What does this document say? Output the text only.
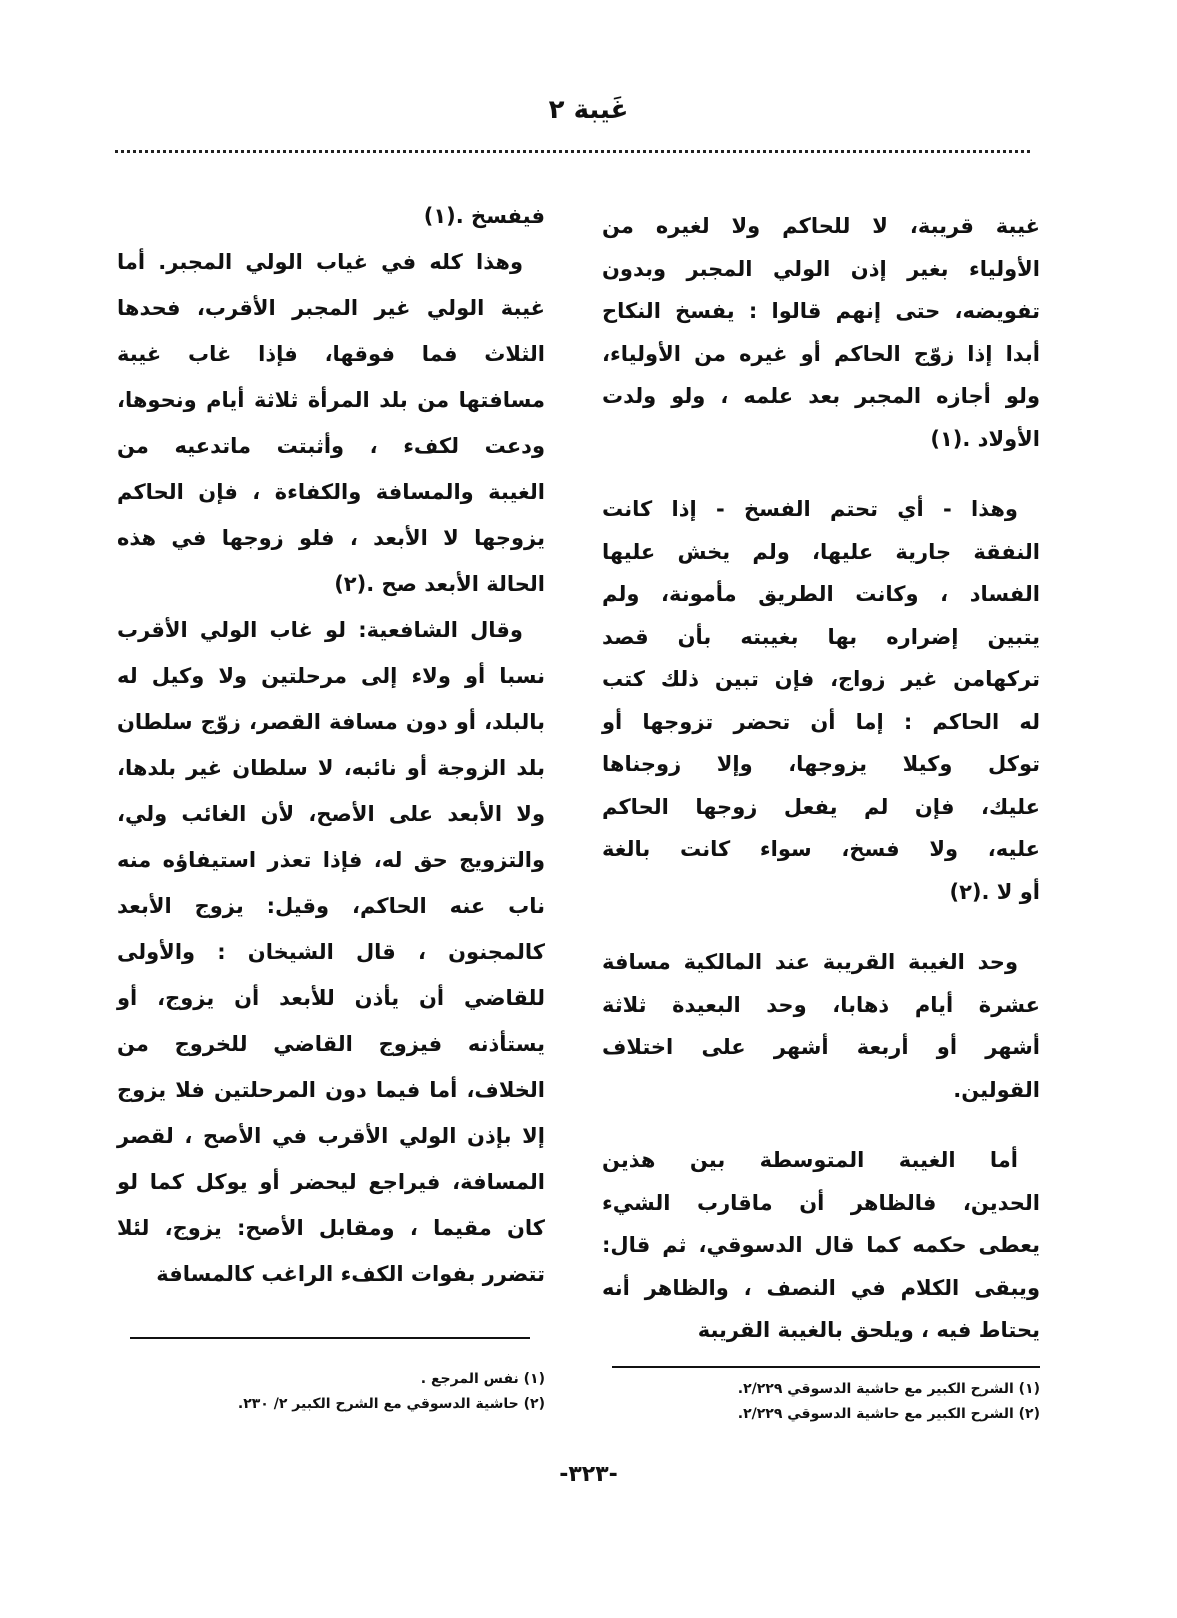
غَيبة ٢
غيبة قريبة، لا للحاكم ولا لغيره من
الأولياء بغير إذن الولي المجبر وبدون
تفويضه، حتى إنهم قالوا : يفسخ النكاح
أبدا إذا زوّج الحاكم أو غيره من الأولياء،
ولو أجازه المجبر بعد علمه ، ولو ولدت
الأولاد .(١)
وهذا - أي تحتم الفسخ - إذا كانت
النفقة جارية عليها، ولم يخش عليها
الفساد ، وكانت الطريق مأمونة، ولم
يتبين إضراره بها بغيبته بأن قصد
تركهامن غير زواج، فإن تبين ذلك كتب
له الحاكم : إما أن تحضر تزوجها أو
توكل وكيلا يزوجها، وإلا زوجناها
عليك، فإن لم يفعل زوجها الحاكم
عليه، ولا فسخ، سواء كانت بالغة
أو لا .(٢)
وحد الغيبة القريبة عند المالكية مسافة
عشرة أيام ذهابا، وحد البعيدة ثلاثة
أشهر أو أربعة أشهر على اختلاف
القولين.
أما الغيبة المتوسطة بين هذين
الحدين، فالظاهر أن ماقارب الشيء
يعطى حكمه كما قال الدسوقي، ثم قال:
ويبقى الكلام في النصف ، والظاهر أنه
يحتاط فيه ، ويلحق بالغيبة القريبة
فيفسخ .(١)
وهذا كله في غياب الولي المجبر. أما
غيبة الولي غير المجبر الأقرب، فحدها
الثلاث فما فوقها، فإذا غاب غيبة
مسافتها من بلد المرأة ثلاثة أيام ونحوها،
ودعت لكفء ، وأثبتت ماتدعيه من
الغيبة والمسافة والكفاءة ، فإن الحاكم
يزوجها لا الأبعد ، فلو زوجها في هذه
الحالة الأبعد صح .(٢)
وقال الشافعية: لو غاب الولي الأقرب
نسبا أو ولاء إلى مرحلتين ولا وكيل له
بالبلد، أو دون مسافة القصر، زوّج سلطان
بلد الزوجة أو نائبه، لا سلطان غير بلدها،
ولا الأبعد على الأصح، لأن الغائب ولي،
والتزويج حق له، فإذا تعذر استيفاؤه منه
ناب عنه الحاكم، وقيل: يزوج الأبعد
كالمجنون ، قال الشيخان : والأولى
للقاضي أن يأذن للأبعد أن يزوج، أو
يستأذنه فيزوج القاضي للخروج من
الخلاف، أما فيما دون المرحلتين فلا يزوج
إلا بإذن الولي الأقرب في الأصح ، لقصر
المسافة، فيراجع ليحضر أو يوكل كما لو
كان مقيما ، ومقابل الأصح: يزوج، لئلا
تتضرر بفوات الكفء الراغب كالمسافة
(١) الشرح الكبير مع حاشية الدسوقي ٢/٢٢٩.
(٢) الشرح الكبير مع حاشية الدسوقي ٢/٢٢٩.
(١) نفس المرجع .
(٢) حاشية الدسوقي مع الشرح الكبير ٢/ ٢٣٠.
-٣٢٣-
